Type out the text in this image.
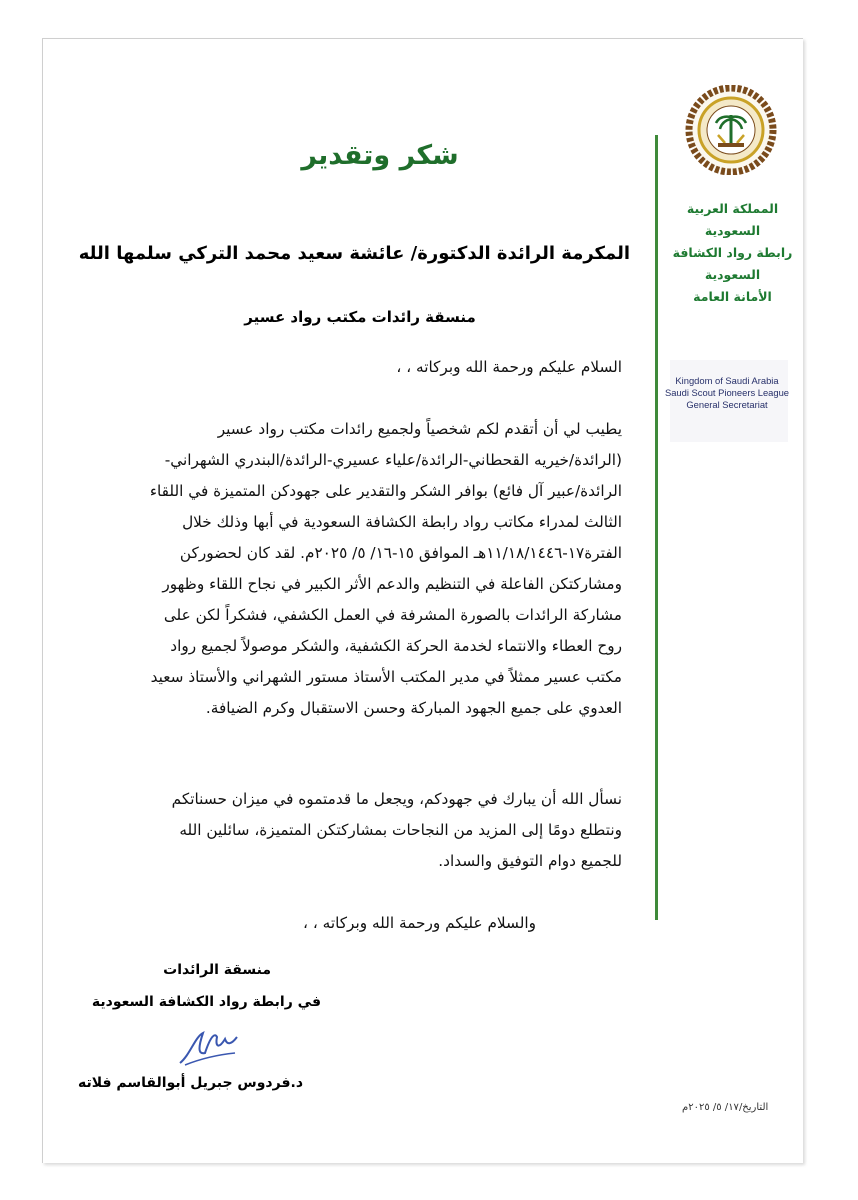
المملكة العربية
السعودية
رابطة رواد الكشافة
السعودية
الأمانة العامة
Kingdom of Saudi Arabia
Saudi Scout Pioneers League
General Secretariat
شكر وتقدير
المكرمة الرائدة الدكتورة/ عائشة سعيد محمد التركي سلمها الله
منسقة رائدات مكتب رواد عسير
السلام عليكم ورحمة الله وبركاته ، ،
يطيب لي أن أتقدم لكم شخصياً ولجميع رائدات مكتب رواد عسير
(الرائدة/خيريه القحطاني-الرائدة/علياء عسيري-الرائدة/البندري الشهراني-
الرائدة/عبير آل فائع) بوافر الشكر والتقدير على جهودكن المتميزة في اللقاء
الثالث لمدراء مكاتب رواد رابطة الكشافة السعودية في أبها وذلك خلال
الفترة١٧-١١/١٨/١٤٤٦هـ الموافق ١٥-١٦/ ٥/ ٢٠٢٥م. لقد كان لحضوركن
ومشاركتكن الفاعلة في التنظيم والدعم الأثر الكبير في نجاح اللقاء وظهور
مشاركة الرائدات بالصورة المشرفة في العمل الكشفي، فشكراً لكن على
روح العطاء والانتماء لخدمة الحركة الكشفية، والشكر موصولاً لجميع رواد
مكتب عسير ممثلاً في مدير المكتب الأستاذ مستور الشهراني والأستاذ سعيد
العدوي على جميع الجهود المباركة وحسن الاستقبال وكرم الضيافة.
نسأل الله أن يبارك في جهودكم، ويجعل ما قدمتموه في ميزان حسناتكم
ونتطلع دومًا إلى المزيد من النجاحات بمشاركتكن المتميزة، سائلين الله
للجميع دوام التوفيق والسداد.
والسلام عليكم ورحمة الله وبركاته ، ،
منسقة الرائدات
في رابطة رواد الكشافة السعودية
د.فردوس جبريل أبوالقاسم فلاته
التاريخ/١٧/ ٥/ ٢٠٢٥م
